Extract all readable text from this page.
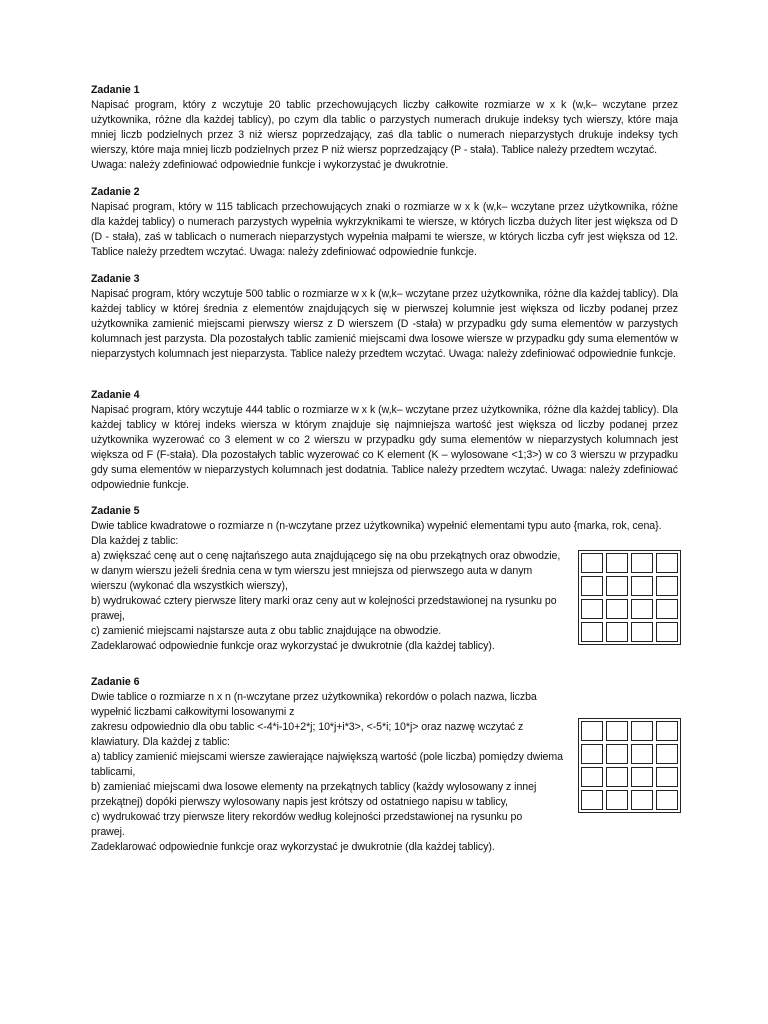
Zadanie 1
Napisać program, który z wczytuje 20 tablic przechowujących liczby całkowite rozmiarze w x k (w,k– wczytane przez użytkownika, różne dla każdej tablicy), po czym dla tablic o parzystych numerach drukuje indeksy tych wierszy, które maja mniej liczb podzielnych przez 3 niż wiersz poprzedzający, zaś dla tablic o numerach nieparzystych drukuje indeksy tych wierszy, które maja mniej liczb podzielnych przez P niż wiersz poprzedzający (P - stała). Tablice należy przedtem wczytać.
Uwaga: należy zdefiniować odpowiednie funkcje i wykorzystać je dwukrotnie.
Zadanie 2
Napisać program, który w 115 tablicach przechowujących znaki o rozmiarze w x k (w,k– wczytane przez użytkownika, różne dla każdej tablicy) o numerach parzystych wypełnia wykrzyknikami te wiersze, w których liczba dużych liter jest większa od D (D - stała), zaś w tablicach o numerach nieparzystych wypełnia małpami te wiersze, w których liczba cyfr jest większa od 12. Tablice należy przedtem wczytać. Uwaga: należy zdefiniować odpowiednie funkcje.
Zadanie 3
Napisać program, który wczytuje 500 tablic o rozmiarze w x k (w,k– wczytane przez użytkownika, różne dla każdej tablicy). Dla każdej tablicy w której średnia z elementów znajdujących się w pierwszej kolumnie jest większa od liczby podanej przez użytkownika zamienić miejscami pierwszy wiersz z D wierszem (D -stała) w przypadku gdy suma elementów w parzystych kolumnach jest parzysta. Dla pozostałych tablic zamienić miejscami dwa losowe wiersze w przypadku gdy suma elementów w nieparzystych kolumnach jest nieparzysta. Tablice należy przedtem wczytać. Uwaga: należy zdefiniować odpowiednie funkcje.
Zadanie 4
Napisać program, który wczytuje 444 tablic o rozmiarze w x k (w,k– wczytane przez użytkownika, różne dla każdej tablicy). Dla każdej tablicy w której indeks wiersza w którym znajduje się najmniejsza wartość jest większa od liczby podanej przez użytkownika wyzerować co 3 element w co 2 wierszu w przypadku gdy suma elementów w nieparzystych kolumnach jest większa od F (F-stała). Dla pozostałych tablic wyzerować co K element (K – wylosowane <1;3>) w co 3 wierszu w przypadku gdy suma elementów w nieparzystych kolumnach jest dodatnia. Tablice należy przedtem wczytać. Uwaga: należy zdefiniować odpowiednie funkcje.
Zadanie 5
Dwie tablice kwadratowe o rozmiarze n (n-wczytane przez użytkownika) wypełnić elementami typu auto {marka, rok, cena}.
Dla każdej z tablic:
a) zwiększać cenę aut o cenę najtańszego auta znajdującego się na obu przekątnych oraz obwodzie,
w danym wierszu jeżeli średnia cena w tym wierszu jest mniejsza od pierwszego auta w danym
wierszu (wykonać dla wszystkich wierszy),
b) wydrukować cztery pierwsze litery marki oraz ceny aut w kolejności przedstawionej na rysunku po
prawej,
c) zamienić miejscami najstarsze auta z obu tablic znajdujące na obwodzie.
Zadeklarować odpowiednie funkcje oraz wykorzystać je dwukrotnie (dla każdej tablicy).
Zadanie 6
Dwie tablice o rozmiarze n x n (n-wczytane przez użytkownika) rekordów o polach nazwa, liczba wypełnić liczbami całkowitymi losowanymi z
zakresu odpowiednio dla obu tablic <-4*i-10+2*j; 10*j+i*3>, <-5*i; 10*j> oraz nazwę wczytać z
klawiatury. Dla każdej z tablic:
a) tablicy zamienić miejscami wiersze zawierające największą wartość (pole liczba) pomiędzy dwiema
tablicami,
b) zamieniać miejscami dwa losowe elementy na przekątnych tablicy (każdy wylosowany z innej
przekątnej) dopóki pierwszy wylosowany napis jest krótszy od ostatniego napisu w tablicy,
c) wydrukować trzy pierwsze litery rekordów według kolejności przedstawionej na rysunku po
prawej.
Zadeklarować odpowiednie funkcje oraz wykorzystać je dwukrotnie (dla każdej tablicy).
